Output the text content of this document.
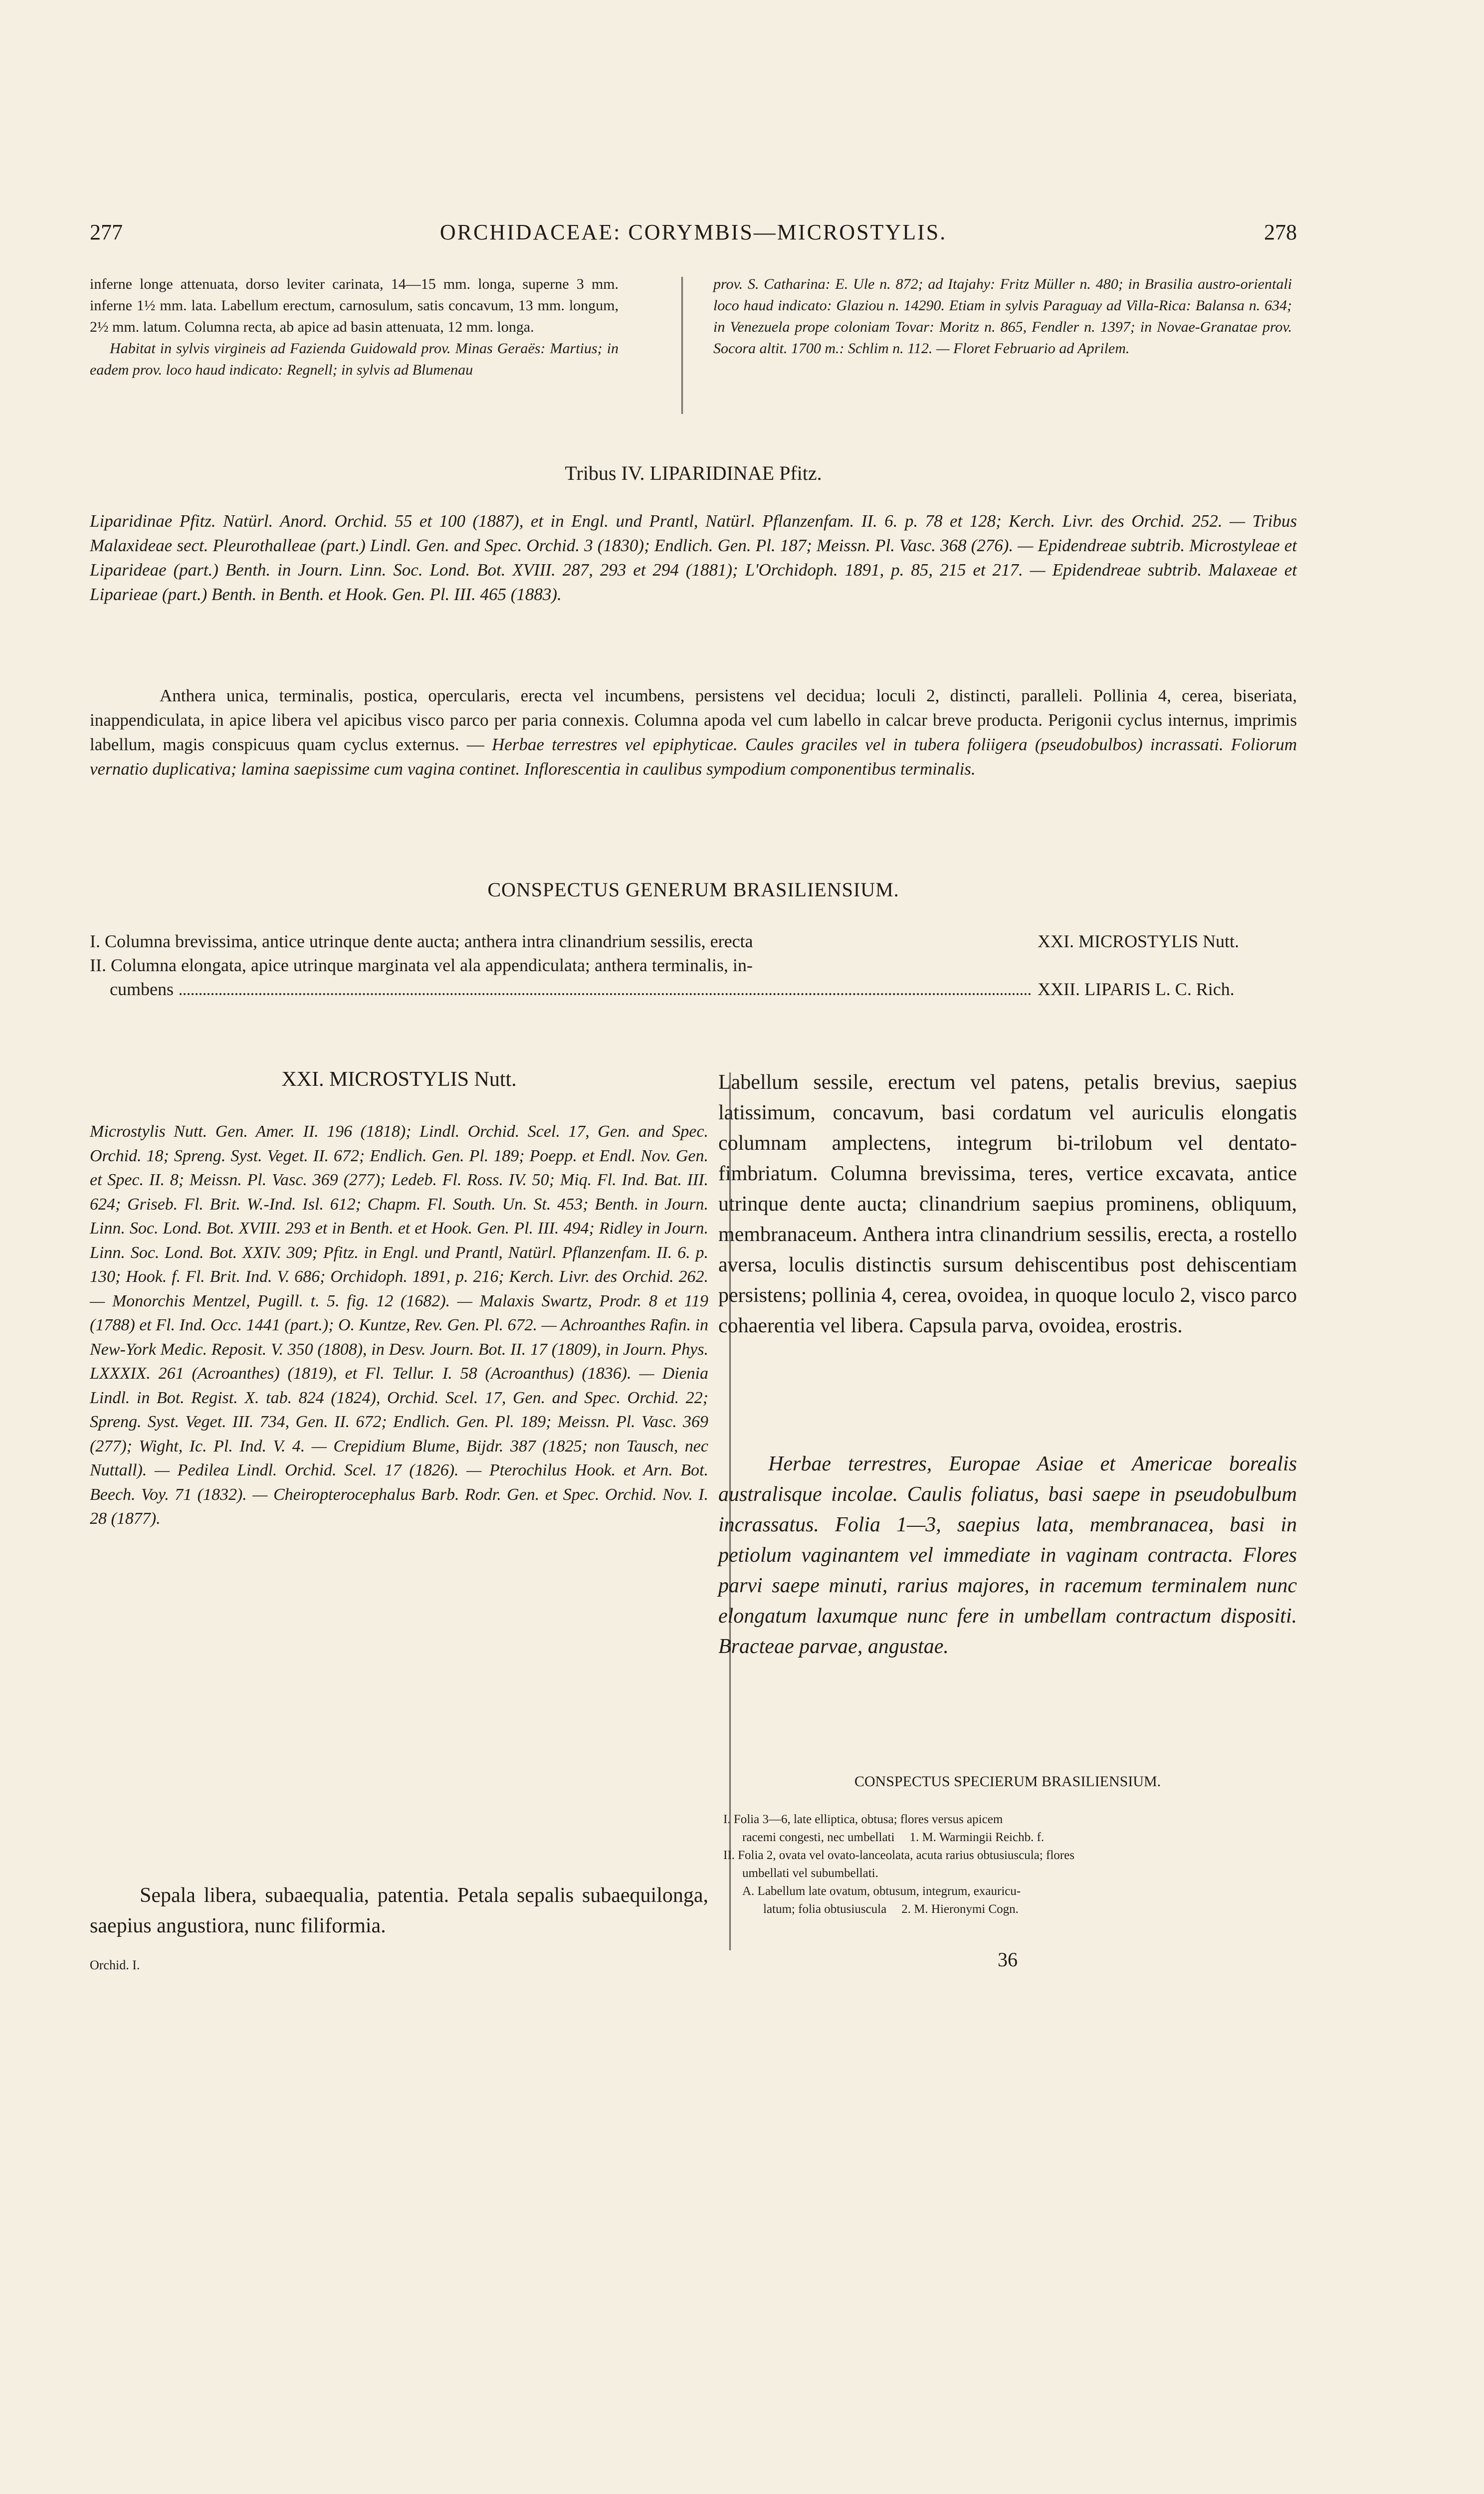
277	ORCHIDACEAE: CORYMBIS—MICROSTYLIS.	278
inferne longe attenuata, dorso leviter carinata, 14—15 mm. longa, superne 3 mm. inferne 1½ mm. lata. Labellum erectum, carnosulum, satis concavum, 13 mm. longum, 2½ mm. latum. Columna recta, ab apice ad basin attenuata, 12 mm. longa.
Habitat in sylvis virgineis ad Fazienda Guidowald prov. Minas Geraës: Martius; in eadem prov. loco haud indicato: Regnell; in sylvis ad Blumenau
prov. S. Catharina: E. Ule n. 872; ad Itajahy: Fritz Müller n. 480; in Brasilia austro-orientali loco haud indicato: Glaziou n. 14290. Etiam in sylvis Paraguay ad Villa-Rica: Balansa n. 634; in Venezuela prope coloniam Tovar: Moritz n. 865, Fendler n. 1397; in Novae-Granatae prov. Socora altit. 1700 m.: Schlim n. 112. — Floret Februario ad Aprilem.
Tribus IV. LIPARIDINAE Pfitz.
Liparidinae Pfitz. Natürl. Anord. Orchid. 55 et 100 (1887), et in Engl. und Prantl, Natürl. Pflanzenfam. II. 6. p. 78 et 128; Kerch. Livr. des Orchid. 252. — Tribus Malaxideae sect. Pleurothalleae (part.) Lindl. Gen. and Spec. Orchid. 3 (1830); Endlich. Gen. Pl. 187; Meissn. Pl. Vasc. 368 (276). — Epidendreae subtrib. Microstyleae et Liparideae (part.) Benth. in Journ. Linn. Soc. Lond. Bot. XVIII. 287, 293 et 294 (1881); L'Orchidoph. 1891, p. 85, 215 et 217. — Epidendreae subtrib. Malaxeae et Liparieae (part.) Benth. in Benth. et Hook. Gen. Pl. III. 465 (1883).
Anthera unica, terminalis, postica, opercularis, erecta vel incumbens, persistens vel decidua; loculi 2, distincti, paralleli. Pollinia 4, cerea, biseriata, inappendiculata, in apice libera vel apicibus visco parco per paria connexis. Columna apoda vel cum labello in calcar breve producta. Perigonii cyclus internus, imprimis labellum, magis conspicuus quam cyclus externus. — Herbae terrestres vel epiphyticae. Caules graciles vel in tubera foliigera (pseudobulbos) incrassati. Foliorum vernatio duplicativa; lamina saepissime cum vagina continet. Inflorescentia in caulibus sympodium componentibus terminalis.
CONSPECTUS GENERUM BRASILIENSIUM.
I. Columna brevissima, antice utrinque dente aucta; anthera intra clinandrium sessilis, erecta	XXI. MICROSTYLIS Nutt.
II. Columna elongata, apice utrinque marginata vel ala appendiculata; anthera terminalis, in-
cumbens	XXII. LIPARIS L. C. Rich.
XXI. MICROSTYLIS Nutt.
Microstylis Nutt. Gen. Amer. II. 196 (1818); Lindl. Orchid. Scel. 17, Gen. and Spec. Orchid. 18; Spreng. Syst. Veget. II. 672; Endlich. Gen. Pl. 189; Poepp. et Endl. Nov. Gen. et Spec. II. 8; Meissn. Pl. Vasc. 369 (277); Ledeb. Fl. Ross. IV. 50; Miq. Fl. Ind. Bat. III. 624; Griseb. Fl. Brit. W.-Ind. Isl. 612; Chapm. Fl. South. Un. St. 453; Benth. in Journ. Linn. Soc. Lond. Bot. XVIII. 293 et in Benth. et et Hook. Gen. Pl. III. 494; Ridley in Journ. Linn. Soc. Lond. Bot. XXIV. 309; Pfitz. in Engl. und Prantl, Natürl. Pflanzenfam. II. 6. p. 130; Hook. f. Fl. Brit. Ind. V. 686; Orchidoph. 1891, p. 216; Kerch. Livr. des Orchid. 262. — Monorchis Mentzel, Pugill. t. 5. fig. 12 (1682). — Malaxis Swartz, Prodr. 8 et 119 (1788) et Fl. Ind. Occ. 1441 (part.); O. Kuntze, Rev. Gen. Pl. 672. — Achroanthes Rafin. in New-York Medic. Reposit. V. 350 (1808), in Desv. Journ. Bot. II. 17 (1809), in Journ. Phys. LXXXIX. 261 (Acroanthes) (1819), et Fl. Tellur. I. 58 (Acroanthus) (1836). — Dienia Lindl. in Bot. Regist. X. tab. 824 (1824), Orchid. Scel. 17, Gen. and Spec. Orchid. 22; Spreng. Syst. Veget. III. 734, Gen. II. 672; Endlich. Gen. Pl. 189; Meissn. Pl. Vasc. 369 (277); Wight, Ic. Pl. Ind. V. 4. — Crepidium Blume, Bijdr. 387 (1825; non Tausch, nec Nuttall). — Pedilea Lindl. Orchid. Scel. 17 (1826). — Pterochilus Hook. et Arn. Bot. Beech. Voy. 71 (1832). — Cheiropterocephalus Barb. Rodr. Gen. et Spec. Orchid. Nov. I. 28 (1877).
Sepala libera, subaequalia, patentia. Petala sepalis subaequilonga, saepius angustiora, nunc filiformia.
Orchid. I.
Labellum sessile, erectum vel patens, petalis brevius, saepius latissimum, concavum, basi cordatum vel auriculis elongatis columnam amplectens, integrum bi-trilobum vel dentato-fimbriatum. Columna brevissima, teres, vertice excavata, antice utrinque dente aucta; clinandrium saepius prominens, obliquum, membranaceum. Anthera intra clinandrium sessilis, erecta, a rostello aversa, loculis distinctis sursum dehiscentibus post dehiscentiam persistens; pollinia 4, cerea, ovoidea, in quoque loculo 2, visco parco cohaerentia vel libera. Capsula parva, ovoidea, erostris.
Herbae terrestres, Europae Asiae et Americae borealis australisque incolae. Caulis foliatus, basi saepe in pseudobulbum incrassatus. Folia 1—3, saepius lata, membranacea, basi in petiolum vaginantem vel immediate in vaginam contracta. Flores parvi saepe minuti, rarius majores, in racemum terminalem nunc elongatum laxumque nunc fere in umbellam contractum dispositi. Bracteae parvae, angustae.
CONSPECTUS SPECIERUM BRASILIENSIUM.
I. Folia 3—6, late elliptica, obtusa; flores versus apicem
racemi congesti, nec umbellati 1. M. Warmingii Reichb. f.
II. Folia 2, ovata vel ovato-lanceolata, acuta rarius obtusiuscula; flores
umbellati vel subumbellati.
A. Labellum late ovatum, obtusum, integrum, exauricu-
latum; folia obtusiuscula 2. M. Hieronymi Cogn.
36
